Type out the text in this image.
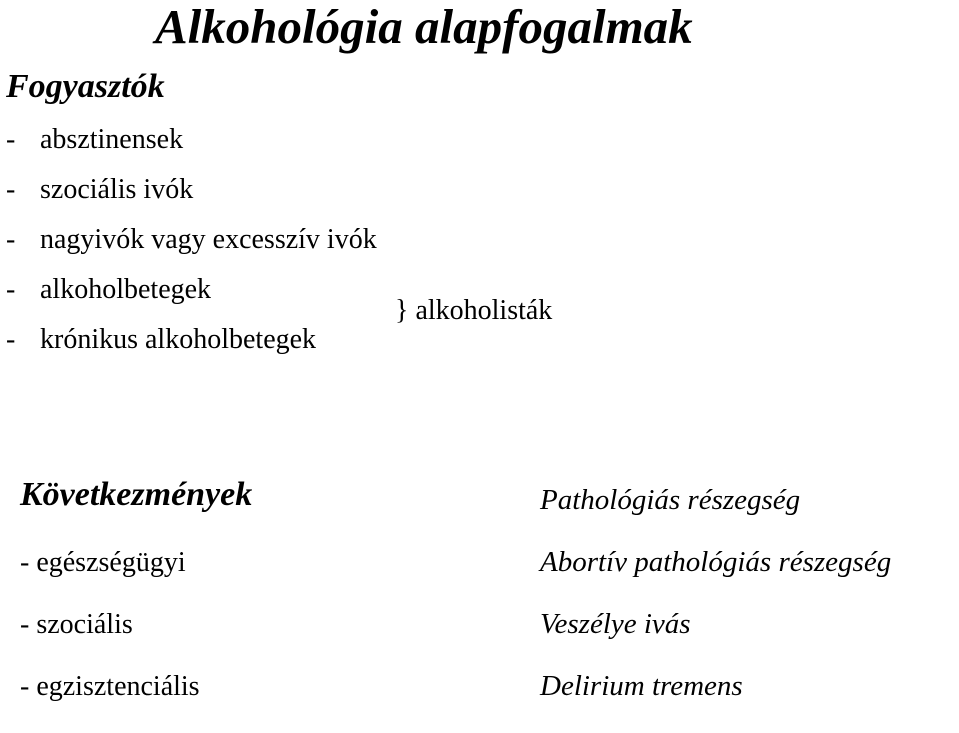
Alkohológia alapfogalmak
Fogyasztók
- absztinensek
- szociális ivók
- nagyivók vagy excesszív ivók
- alkoholbetegek
- krónikus alkoholbetegek
} alkoholisták
Következmények
- egészségügyi
- szociális
- egzisztenciális
Pathológiás részegség
Abortív pathológiás részegség
Veszélye ivás
Delirium tremens
